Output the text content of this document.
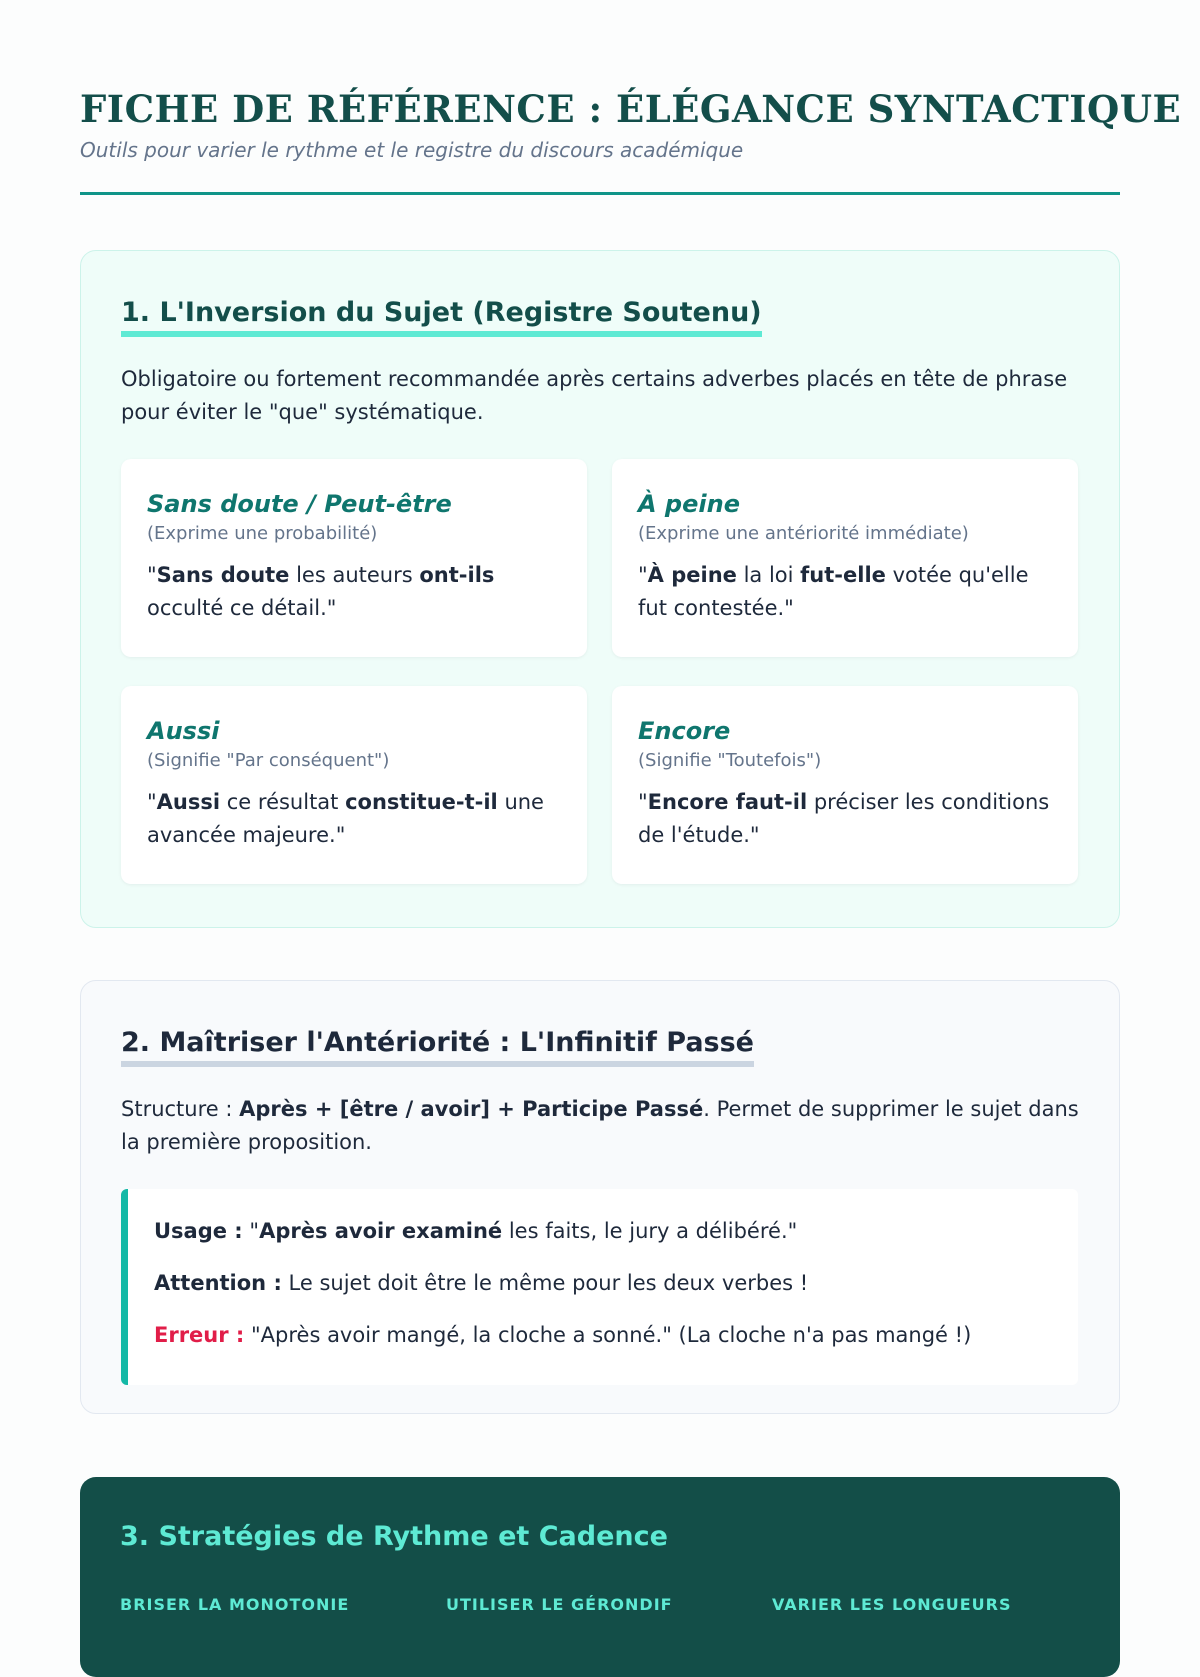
FICHE DE RÉFÉRENCE : ÉLÉGANCE SYNTACTIQUE
Outils pour varier le rythme et le registre du discours académique
1. L'Inversion du Sujet (Registre Soutenu)
Obligatoire ou fortement recommandée après certains adverbes placés en tête de phrase pour éviter le "que" systématique.
Sans doute / Peut-être
(Exprime une probabilité)
"Sans doute les auteurs ont-ils occulté ce détail."
À peine
(Exprime une antériorité immédiate)
"À peine la loi fut-elle votée qu'elle fut contestée."
Aussi
(Signifie "Par conséquent")
"Aussi ce résultat constitue-t-il une avancée majeure."
Encore
(Signifie "Toutefois")
"Encore faut-il préciser les conditions de l'étude."
2. Maîtriser l'Antériorité : L'Infinitif Passé
Structure : Après + [être / avoir] + Participe Passé. Permet de supprimer le sujet dans la première proposition.

Usage : "Après avoir examiné les faits, le jury a délibéré."

Attention : Le sujet doit être le même pour les deux verbes !

Erreur : "Après avoir mangé, la cloche a sonné." (La cloche n'a pas mangé !)

3. Stratégies de Rythme et Cadence
BRISER LA MONOTONIE	UTILISER LE GÉRONDIF	VARIER LES LONGUEURS
